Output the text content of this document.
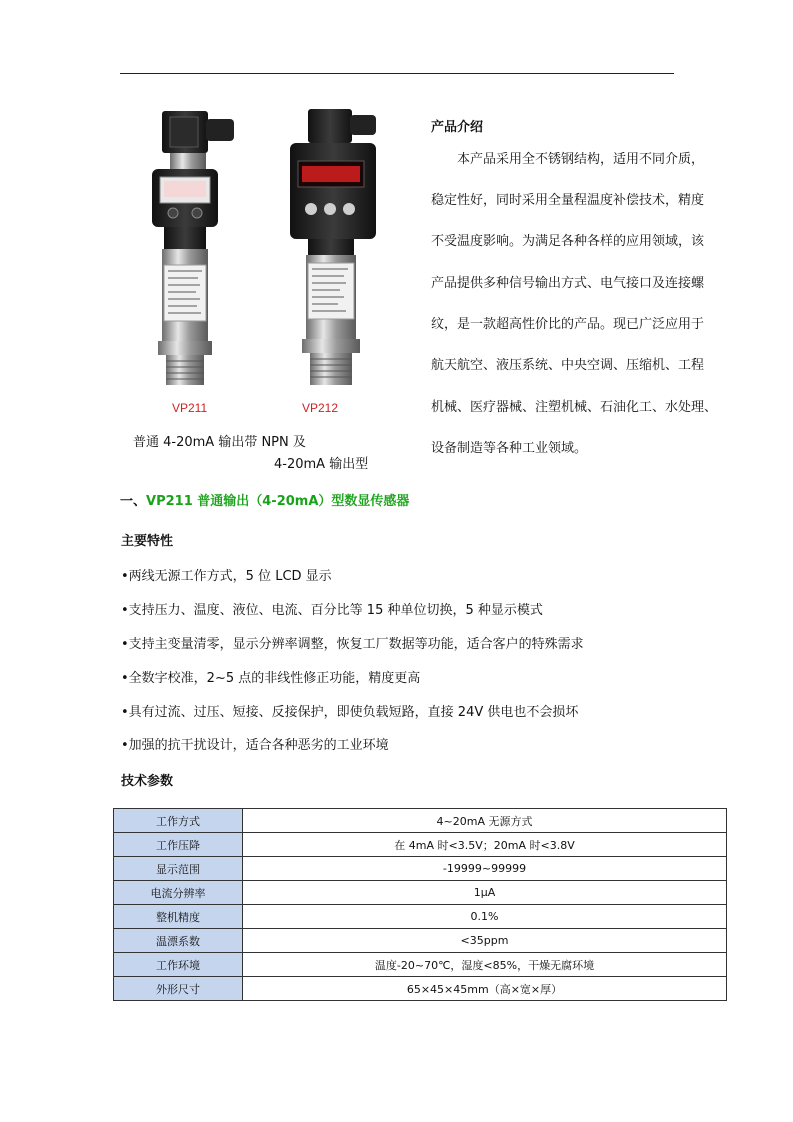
VP211	VP212
普通 4-20mA 输出带 NPN 及
4-20mA 输出型
产品介绍
　　本产品采用全不锈钢结构，适用不同介质，
稳定性好，同时采用全量程温度补偿技术，精度
不受温度影响。为满足各种各样的应用领域，该
产品提供多种信号输出方式、电气接口及连接螺
纹，是一款超高性价比的产品。现已广泛应用于
航天航空、液压系统、中央空调、压缩机、工程
机械、医疗器械、注塑机械、石油化工、水处理、
设备制造等各种工业领域。
一、VP211 普通输出（4-20mA）型数显传感器
主要特性
•两线无源工作方式，5 位 LCD 显示
•支持压力、温度、液位、电流、百分比等 15 种单位切换，5 种显示模式
•支持主变量清零，显示分辨率调整，恢复工厂数据等功能，适合客户的特殊需求
•全数字校准，2~5 点的非线性修正功能，精度更高
•具有过流、过压、短接、反接保护，即使负载短路，直接 24V 供电也不会损坏
•加强的抗干扰设计，适合各种恶劣的工业环境
技术参数
工作方式	4~20mA 无源方式
工作压降	在 4mA 时<3.5V；20mA 时<3.8V
显示范围	-19999~99999
电流分辨率	1μA
整机精度	0.1%
温漂系数	<35ppm
工作环境	温度-20~70℃，湿度<85%，干燥无腐环境
外形尺寸	65×45×45mm（高×宽×厚）
